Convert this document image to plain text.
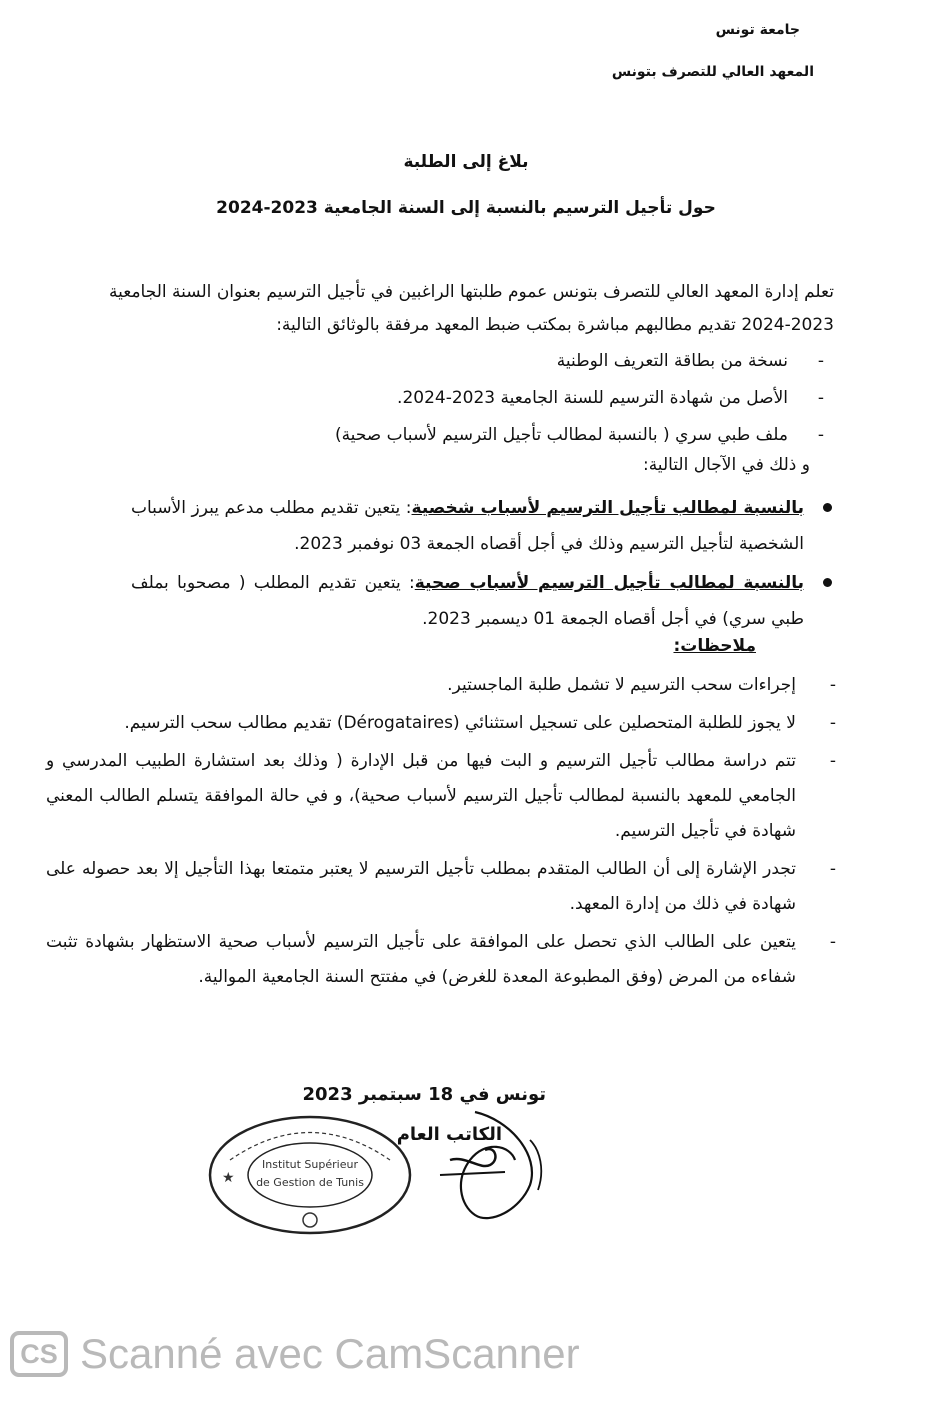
جامعة تونس
المعهد العالي للتصرف بتونس
بلاغ إلى الطلبة
حول تأجيل الترسيم بالنسبة إلى السنة الجامعية 2023-2024
تعلم إدارة المعهد العالي للتصرف بتونس عموم طلبتها الراغبين في تأجيل الترسيم بعنوان السنة الجامعية 2023-2024 تقديم مطالبهم مباشرة بمكتب ضبط المعهد مرفقة بالوثائق التالية:
-
نسخة من بطاقة التعريف الوطنية
-
الأصل من شهادة الترسيم للسنة الجامعية 2023-2024.
-
ملف طبي سري ( بالنسبة لمطالب تأجيل الترسيم لأسباب صحية)
و ذلك في الآجال التالية:
بالنسبة لمطالب تأجيل الترسيم لأسباب شخصية: يتعين تقديم مطلب مدعم يبرز الأسباب الشخصية لتأجيل الترسيم وذلك في أجل أقصاه الجمعة 03 نوفمبر 2023.
بالنسبة لمطالب تأجيل الترسيم لأسباب صحية: يتعين تقديم المطلب ( مصحوبا بملف طبي سري) في أجل أقصاه الجمعة 01 ديسمبر 2023.
ملاحظات:
-
إجراءات سحب الترسيم لا تشمل طلبة الماجستير.
-
لا يجوز للطلبة المتحصلين على تسجيل استثنائي (Dérogataires) تقديم مطالب سحب الترسيم.
-
تتم دراسة مطالب تأجيل الترسيم و البت فيها من قبل الإدارة ( وذلك بعد استشارة الطبيب المدرسي و الجامعي للمعهد بالنسبة لمطالب تأجيل الترسيم لأسباب صحية)، و في حالة الموافقة يتسلم الطالب المعني شهادة في تأجيل الترسيم.
-
تجدر الإشارة إلى أن الطالب المتقدم بمطلب تأجيل الترسيم لا يعتبر متمتعا بهذا التأجيل إلا بعد حصوله على شهادة في ذلك من إدارة المعهد.
-
يتعين على الطالب الذي تحصل على الموافقة على تأجيل الترسيم لأسباب صحية الاستظهار بشهادة تثبت شفاءه من المرض (وفق المطبوعة المعدة للغرض) في مفتتح السنة الجامعية الموالية.
Institut Supérieur
de Gestion de Tunis
★
تونس في 18 سبتمبر 2023
الكاتب العام
CS Scanné avec CamScanner
